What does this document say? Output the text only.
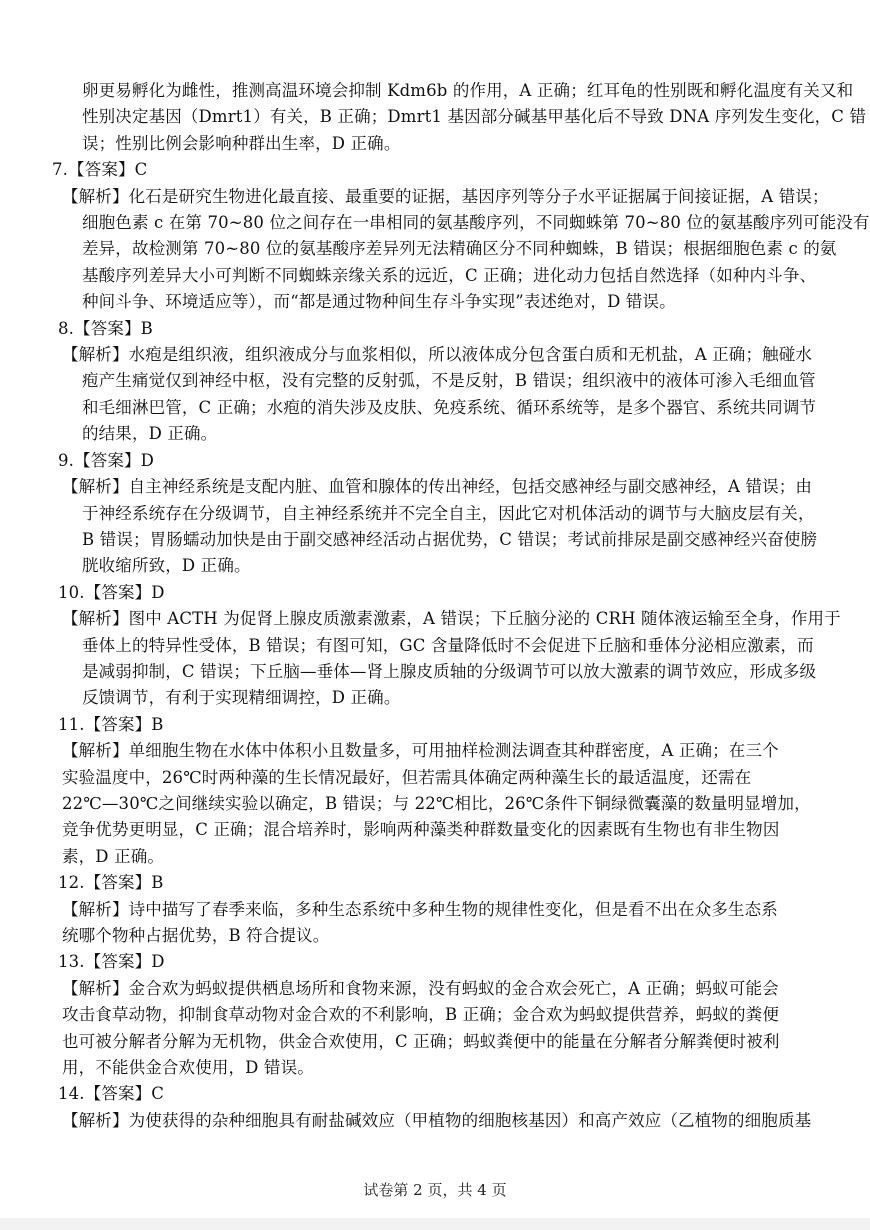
卵更易孵化为雌性，推测高温环境会抑制 Kdm6b 的作用，A 正确；红耳龟的性别既和孵化温度有关又和
性别决定基因（Dmrt1）有关，B 正确；Dmrt1 基因部分碱基甲基化后不导致 DNA 序列发生变化，C 错
误；性别比例会影响种群出生率，D 正确。
7.【答案】C
【解析】化石是研究生物进化最直接、最重要的证据，基因序列等分子水平证据属于间接证据，A 错误；
细胞色素 c 在第 70~80 位之间存在一串相同的氨基酸序列，不同蜘蛛第 70~80 位的氨基酸序列可能没有
差异，故检测第 70~80 位的氨基酸序差异列无法精确区分不同种蜘蛛，B 错误；根据细胞色素 c 的氨
基酸序列差异大小可判断不同蜘蛛亲缘关系的远近，C 正确；进化动力包括自然选择（如种内斗争、
种间斗争、环境适应等），而“都是通过物种间生存斗争实现”表述绝对，D 错误。
8.【答案】B
【解析】水疱是组织液，组织液成分与血浆相似，所以液体成分包含蛋白质和无机盐，A 正确；触碰水
疱产生痛觉仅到神经中枢，没有完整的反射弧，不是反射，B 错误；组织液中的液体可渗入毛细血管
和毛细淋巴管，C 正确；水疱的消失涉及皮肤、免疫系统、循环系统等，是多个器官、系统共同调节
的结果，D 正确。
9.【答案】D
【解析】自主神经系统是支配内脏、血管和腺体的传出神经，包括交感神经与副交感神经，A 错误；由
于神经系统存在分级调节，自主神经系统并不完全自主，因此它对机体活动的调节与大脑皮层有关，
B 错误；胃肠蠕动加快是由于副交感神经活动占据优势，C 错误；考试前排尿是副交感神经兴奋使膀
胱收缩所致，D 正确。
10.【答案】D
【解析】图中 ACTH 为促肾上腺皮质激素激素，A 错误；下丘脑分泌的 CRH 随体液运输至全身，作用于
垂体上的特异性受体，B 错误；有图可知，GC 含量降低时不会促进下丘脑和垂体分泌相应激素，而
是减弱抑制，C 错误；下丘脑—垂体—肾上腺皮质轴的分级调节可以放大激素的调节效应，形成多级
反馈调节，有利于实现精细调控，D 正确。
11.【答案】B
【解析】单细胞生物在水体中体积小且数量多，可用抽样检测法调查其种群密度，A 正确；在三个
实验温度中，26℃时两种藻的生长情况最好，但若需具体确定两种藻生长的最适温度，还需在
22℃—30℃之间继续实验以确定，B 错误；与 22℃相比，26℃条件下铜绿微囊藻的数量明显增加，
竞争优势更明显，C 正确；混合培养时，影响两种藻类种群数量变化的因素既有生物也有非生物因
素，D 正确。
12.【答案】B
【解析】诗中描写了春季来临，多种生态系统中多种生物的规律性变化，但是看不出在众多生态系
统哪个物种占据优势，B 符合提议。
13.【答案】D
【解析】金合欢为蚂蚁提供栖息场所和食物来源，没有蚂蚁的金合欢会死亡，A 正确；蚂蚁可能会
攻击食草动物，抑制食草动物对金合欢的不利影响，B 正确；金合欢为蚂蚁提供营养，蚂蚁的粪便
也可被分解者分解为无机物，供金合欢使用，C 正确；蚂蚁粪便中的能量在分解者分解粪便时被利
用，不能供金合欢使用，D 错误。
14.【答案】C
【解析】为使获得的杂种细胞具有耐盐碱效应（甲植物的细胞核基因）和高产效应（乙植物的细胞质基
试卷第 2 页，共 4 页
